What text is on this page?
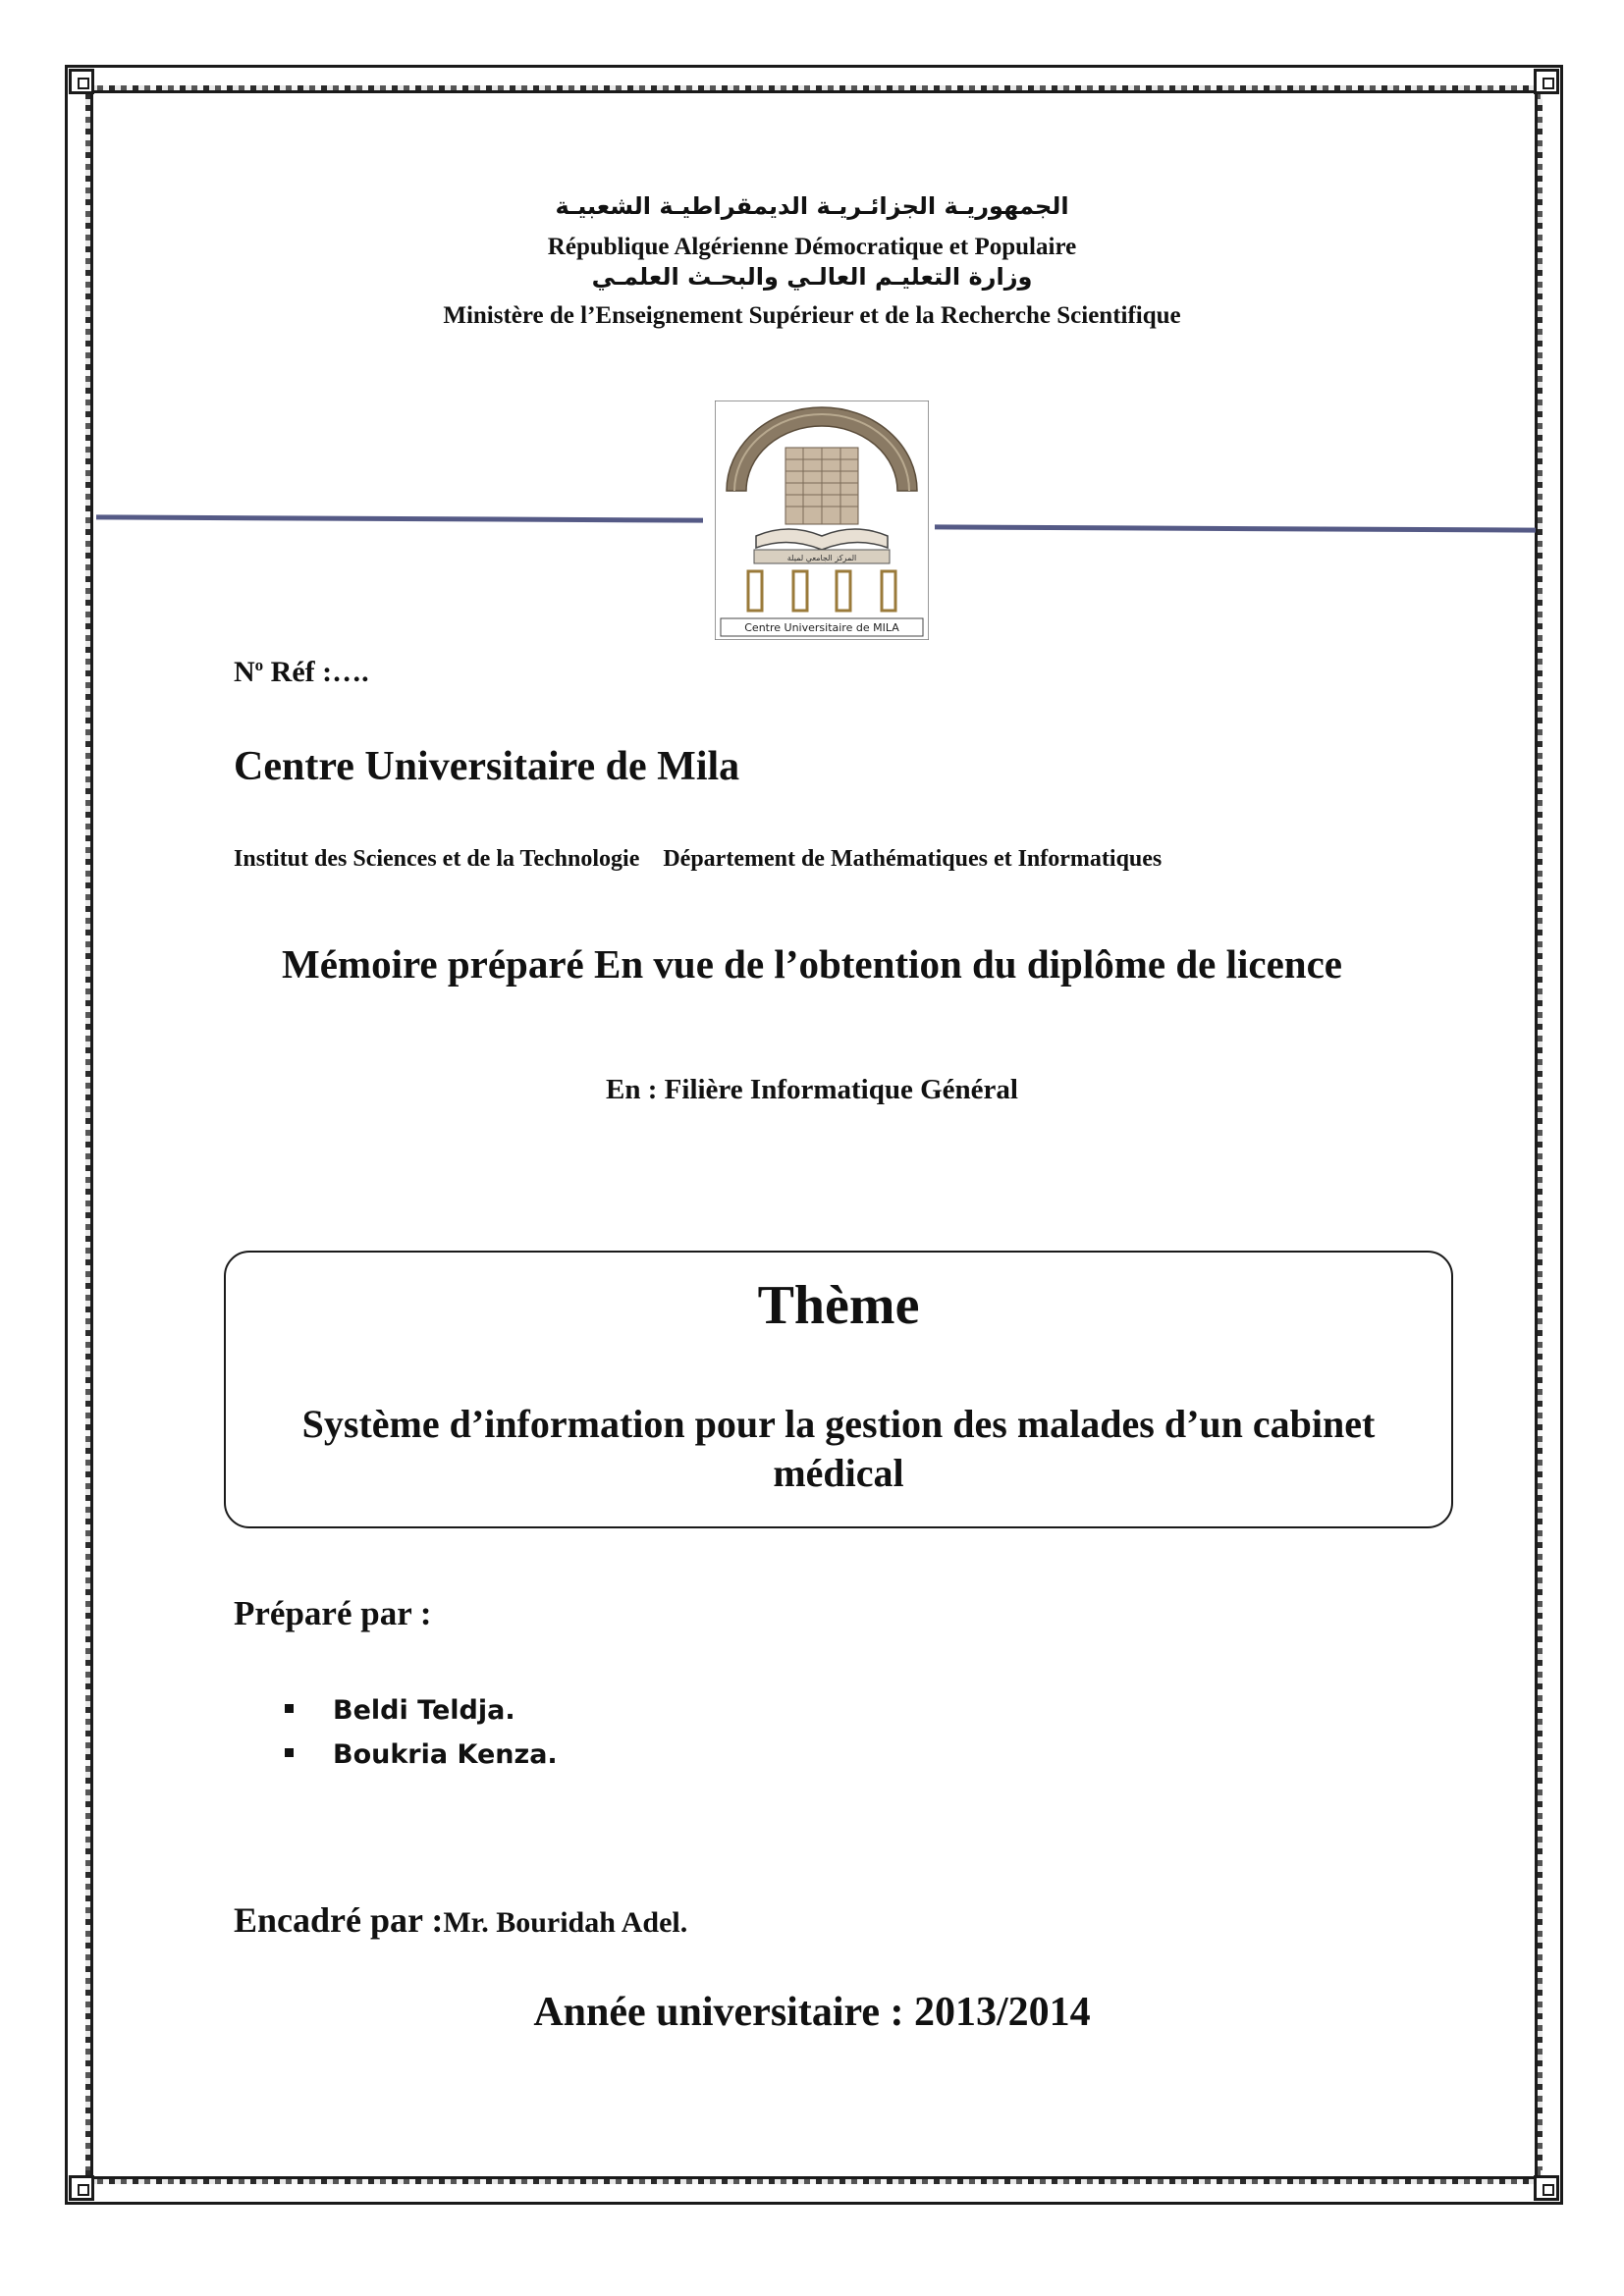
الجمهوريـة الجزائـريـة الديمقراطيـة الشعبيـة
République Algérienne Démocratique et Populaire
وزارة التعليـم العالـي والبحـث العلمـي
Ministère de l’Enseignement Supérieur et de la Recherche Scientifique
المركز الجامعي لميلة
Centre Universitaire de MILA
$N^o$ Réf :….
Centre Universitaire de Mila
Institut des Sciences et de la Technologie    Département de Mathématiques et Informatiques
Mémoire préparé En vue de l’obtention du diplôme de licence
En : Filière Informatique Général
Thème
Système d’information pour la gestion des malades d’un cabinet médical
Préparé par :
Beldi Teldja.
Boukria Kenza.
Encadré par :Mr. Bouridah Adel.
Année universitaire : 2013/2014
